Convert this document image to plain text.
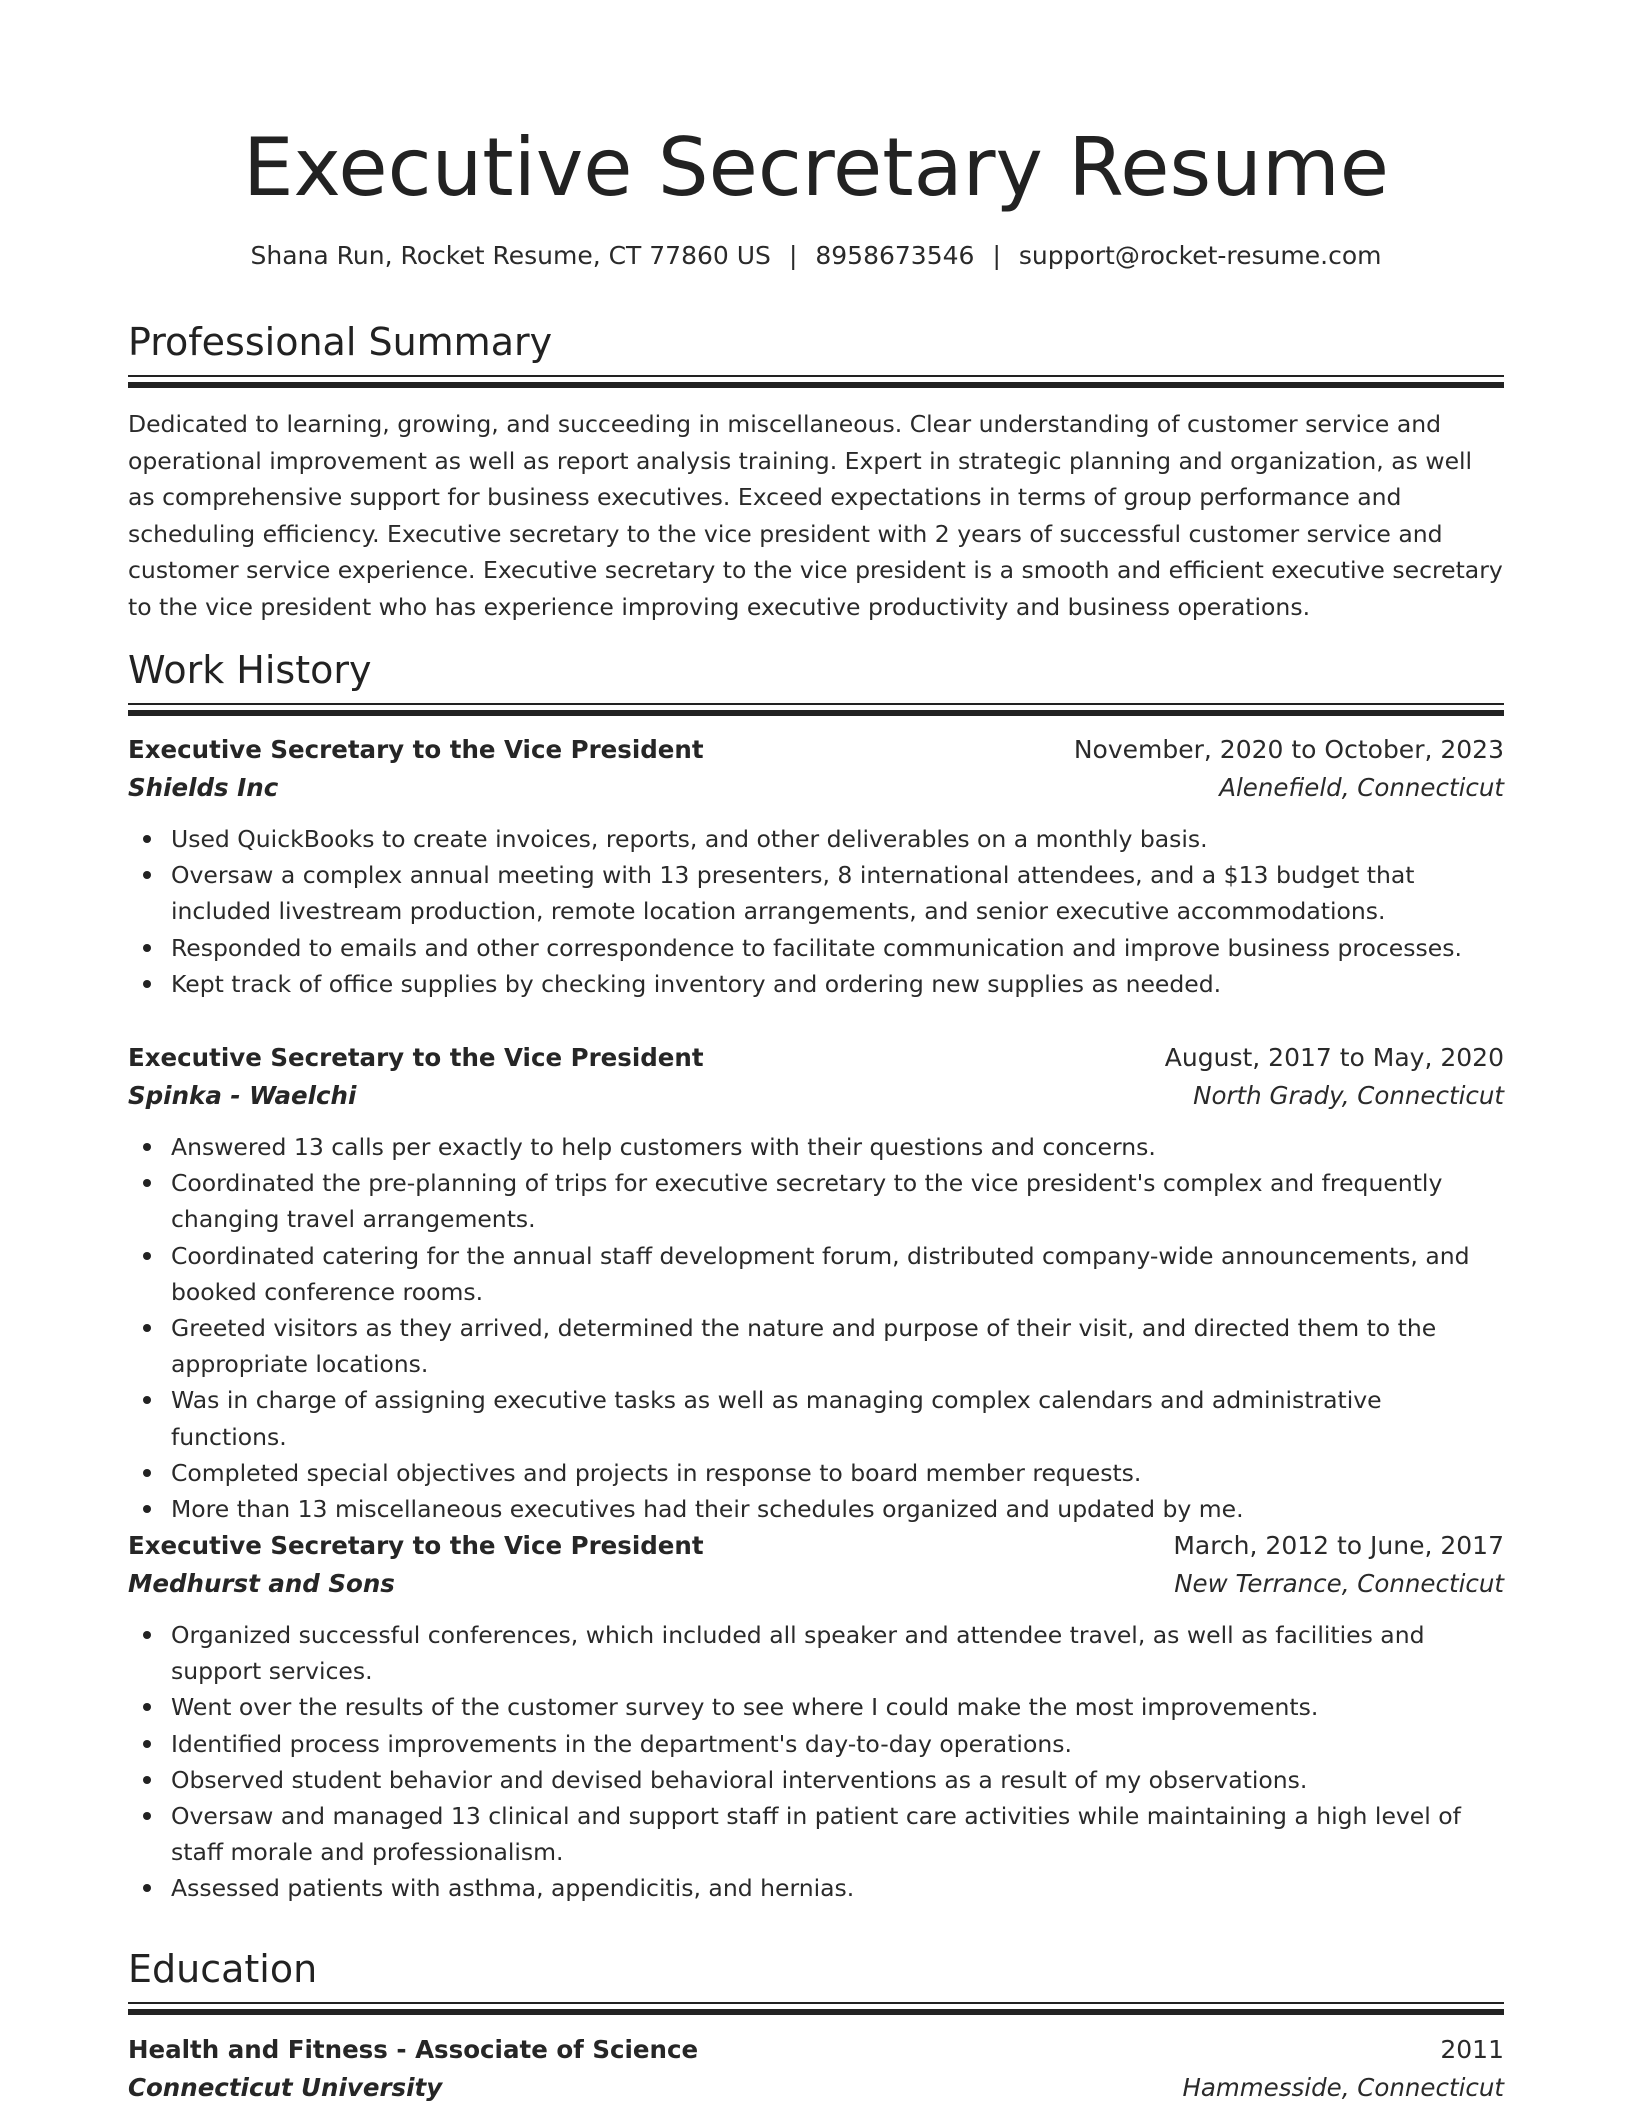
Executive Secretary Resume
Shana Run, Rocket Resume, CT 77860 US | 8958673546 | support@rocket-resume.com
Professional Summary

Dedicated to learning, growing, and succeeding in miscellaneous. Clear understanding of customer service and operational improvement as well as report analysis training. Expert in strategic planning and organization, as well as comprehensive support for business executives. Exceed expectations in terms of group performance and scheduling efficiency. Executive secretary to the vice president with 2 years of successful customer service and customer service experience. Executive secretary to the vice president is a smooth and efficient executive secretary to the vice president who has experience improving executive productivity and business operations.

Work History
Executive Secretary to the Vice President	November, 2020 to October, 2023
Shields Inc	Alenefield, Connecticut
Used QuickBooks to create invoices, reports, and other deliverables on a monthly basis.
Oversaw a complex annual meeting with 13 presenters, 8 international attendees, and a $13 budget that included livestream production, remote location arrangements, and senior executive accommodations.
Responded to emails and other correspondence to facilitate communication and improve business processes.
Kept track of office supplies by checking inventory and ordering new supplies as needed.
Executive Secretary to the Vice President	August, 2017 to May, 2020
Spinka - Waelchi	North Grady, Connecticut
Answered 13 calls per exactly to help customers with their questions and concerns.
Coordinated the pre-planning of trips for executive secretary to the vice president's complex and frequently changing travel arrangements.
Coordinated catering for the annual staff development forum, distributed company-wide announcements, and booked conference rooms.
Greeted visitors as they arrived, determined the nature and purpose of their visit, and directed them to the appropriate locations.
Was in charge of assigning executive tasks as well as managing complex calendars and administrative functions.
Completed special objectives and projects in response to board member requests.
More than 13 miscellaneous executives had their schedules organized and updated by me.
Executive Secretary to the Vice President	March, 2012 to June, 2017
Medhurst and Sons	New Terrance, Connecticut
Organized successful conferences, which included all speaker and attendee travel, as well as facilities and support services.
Went over the results of the customer survey to see where I could make the most improvements.
Identified process improvements in the department's day-to-day operations.
Observed student behavior and devised behavioral interventions as a result of my observations.
Oversaw and managed 13 clinical and support staff in patient care activities while maintaining a high level of staff morale and professionalism.
Assessed patients with asthma, appendicitis, and hernias.
Education
Health and Fitness - Associate of Science	2011
Connecticut University	Hammesside, Connecticut
